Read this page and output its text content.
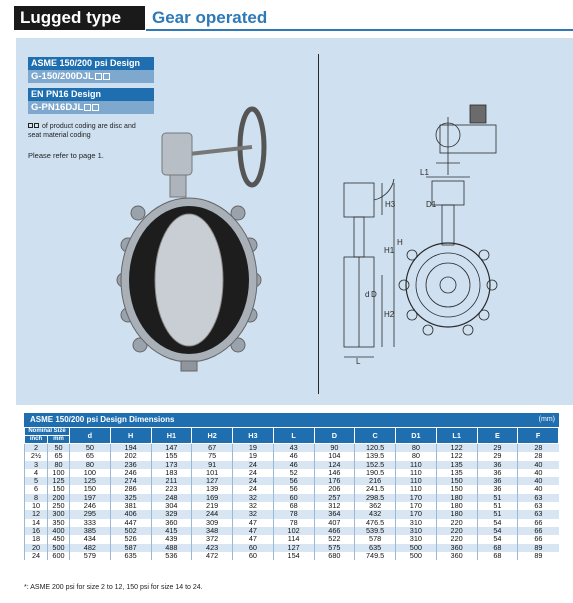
Lugged type	Gear operated
ASME 150/200 psi Design
G-150/200DJL
EN PN16 Design
G-PN16DJL
of product coding are disc and seat material coding
Please refer to page 1.
L1
H3
H
H1
H2
d D
L
D1
ASME 150/200 psi Design Dimensions	(mm)
Nominal Size		d	H	H1	H2	H3	L	D	C	D1	L1	E	F
inch	mm												
2	50	50	194	147	67	19	43	90	120.5	80	122	29	28
2½	65	65	202	155	75	19	46	104	139.5	80	122	29	28
3	80	80	236	173	91	24	46	124	152.5	110	135	36	40
4	100	100	246	183	101	24	52	146	190.5	110	135	36	40
5	125	125	274	211	127	24	56	176	216	110	150	36	40
6	150	150	286	223	139	24	56	206	241.5	110	150	36	40
8	200	197	325	248	169	32	60	257	298.5	170	180	51	63
10	250	246	381	304	219	32	68	312	362	170	180	51	63
12	300	295	406	329	244	32	78	364	432	170	180	51	63
14	350	333	447	360	309	47	78	407	476.5	310	220	54	66
16	400	385	502	415	348	47	102	466	539.5	310	220	54	66
18	450	434	526	439	372	47	114	522	578	310	220	54	66
20	500	482	587	488	423	60	127	575	635	500	360	68	89
24	600	579	635	536	472	60	154	680	749.5	500	360	68	89
*: ASME 200 psi for size 2 to 12, 150 psi for size 14 to 24.
